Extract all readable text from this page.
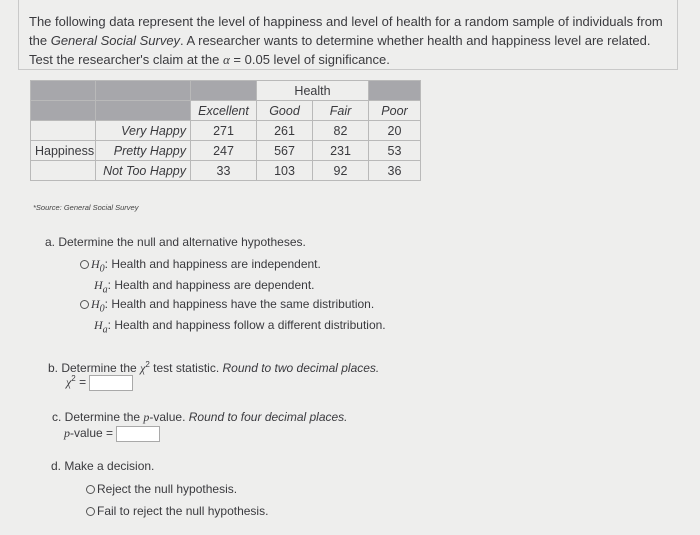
The following data represent the level of happiness and level of health for a random sample of individuals from the General Social Survey. A researcher wants to determine whether health and happiness level are related. Test the researcher's claim at the α = 0.05 level of significance.
			Health		
		Excellent	Good	Fair	Poor
	Very Happy	271	261	82	20
Happiness	Pretty Happy	247	567	231	53
	Not Too Happy	33	103	92	36
*Source: General Social Survey
a. Determine the null and alternative hypotheses.
$H_0$: Health and happiness are independent.
$H_a$: Health and happiness are dependent.
$H_0$: Health and happiness have the same distribution.
$H_a$: Health and happiness follow a different distribution.
b. Determine the $\chi^2$ test statistic. Round to two decimal places.
$\chi^2$ =
c. Determine the p-value. Round to four decimal places.
p-value =
d. Make a decision.
Reject the null hypothesis.
Fail to reject the null hypothesis.
